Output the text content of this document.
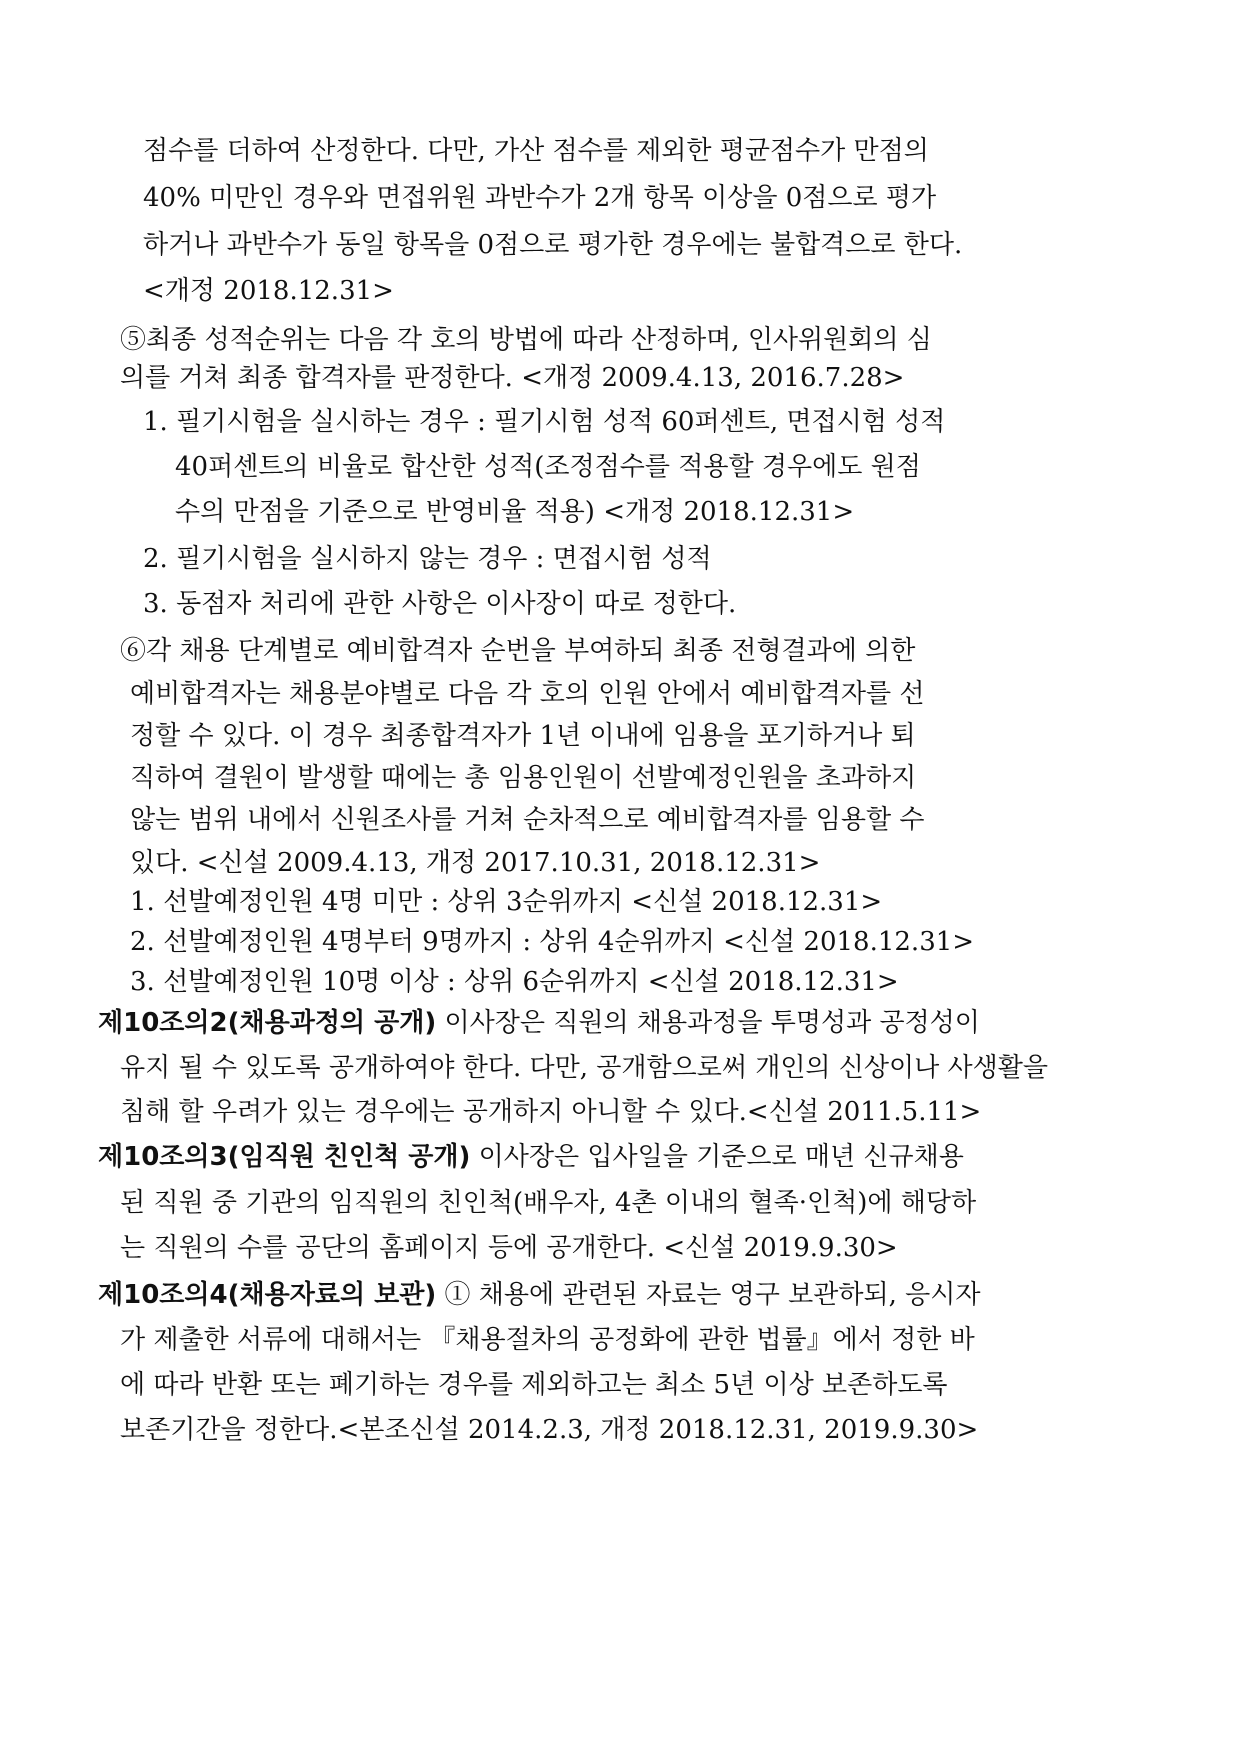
점수를 더하여 산정한다. 다만, 가산 점수를 제외한 평균점수가 만점의
40% 미만인 경우와 면접위원 과반수가 2개 항목 이상을 0점으로 평가
하거나 과반수가 동일 항목을 0점으로 평가한 경우에는 불합격으로 한다.
<개정 2018.12.31>
⑤최종 성적순위는 다음 각 호의 방법에 따라 산정하며, 인사위원회의 심
의를 거쳐 최종 합격자를 판정한다. <개정 2009.4.13, 2016.7.28>
1. 필기시험을 실시하는 경우 : 필기시험 성적 60퍼센트, 면접시험 성적
40퍼센트의 비율로 합산한 성적(조정점수를 적용할 경우에도 원점
수의 만점을 기준으로 반영비율 적용) <개정 2018.12.31>
2. 필기시험을 실시하지 않는 경우 : 면접시험 성적
3. 동점자 처리에 관한 사항은 이사장이 따로 정한다.
⑥각 채용 단계별로 예비합격자 순번을 부여하되 최종 전형결과에 의한
예비합격자는 채용분야별로 다음 각 호의 인원 안에서 예비합격자를 선
정할 수 있다. 이 경우 최종합격자가 1년 이내에 임용을 포기하거나 퇴
직하여 결원이 발생할 때에는 총 임용인원이 선발예정인원을 초과하지
않는 범위 내에서 신원조사를 거쳐 순차적으로 예비합격자를 임용할 수
있다. <신설 2009.4.13, 개정 2017.10.31, 2018.12.31>
1. 선발예정인원 4명 미만 : 상위 3순위까지 <신설 2018.12.31>
2. 선발예정인원 4명부터 9명까지 : 상위 4순위까지 <신설 2018.12.31>
3. 선발예정인원 10명 이상 : 상위 6순위까지 <신설 2018.12.31>
제10조의2(채용과정의 공개) 이사장은 직원의 채용과정을 투명성과 공정성이
유지 될 수 있도록 공개하여야 한다. 다만, 공개함으로써 개인의 신상이나 사생활을
침해 할 우려가 있는 경우에는 공개하지 아니할 수 있다.<신설 2011.5.11>
제10조의3(임직원 친인척 공개) 이사장은 입사일을 기준으로 매년 신규채용
된 직원 중 기관의 임직원의 친인척(배우자, 4촌 이내의 혈족·인척)에 해당하
는 직원의 수를 공단의 홈페이지 등에 공개한다. <신설 2019.9.30>
제10조의4(채용자료의 보관) ① 채용에 관련된 자료는 영구 보관하되, 응시자
가 제출한 서류에 대해서는 『채용절차의 공정화에 관한 법률』에서 정한 바
에 따라 반환 또는 폐기하는 경우를 제외하고는 최소 5년 이상 보존하도록
보존기간을 정한다.<본조신설 2014.2.3, 개정 2018.12.31, 2019.9.30>
